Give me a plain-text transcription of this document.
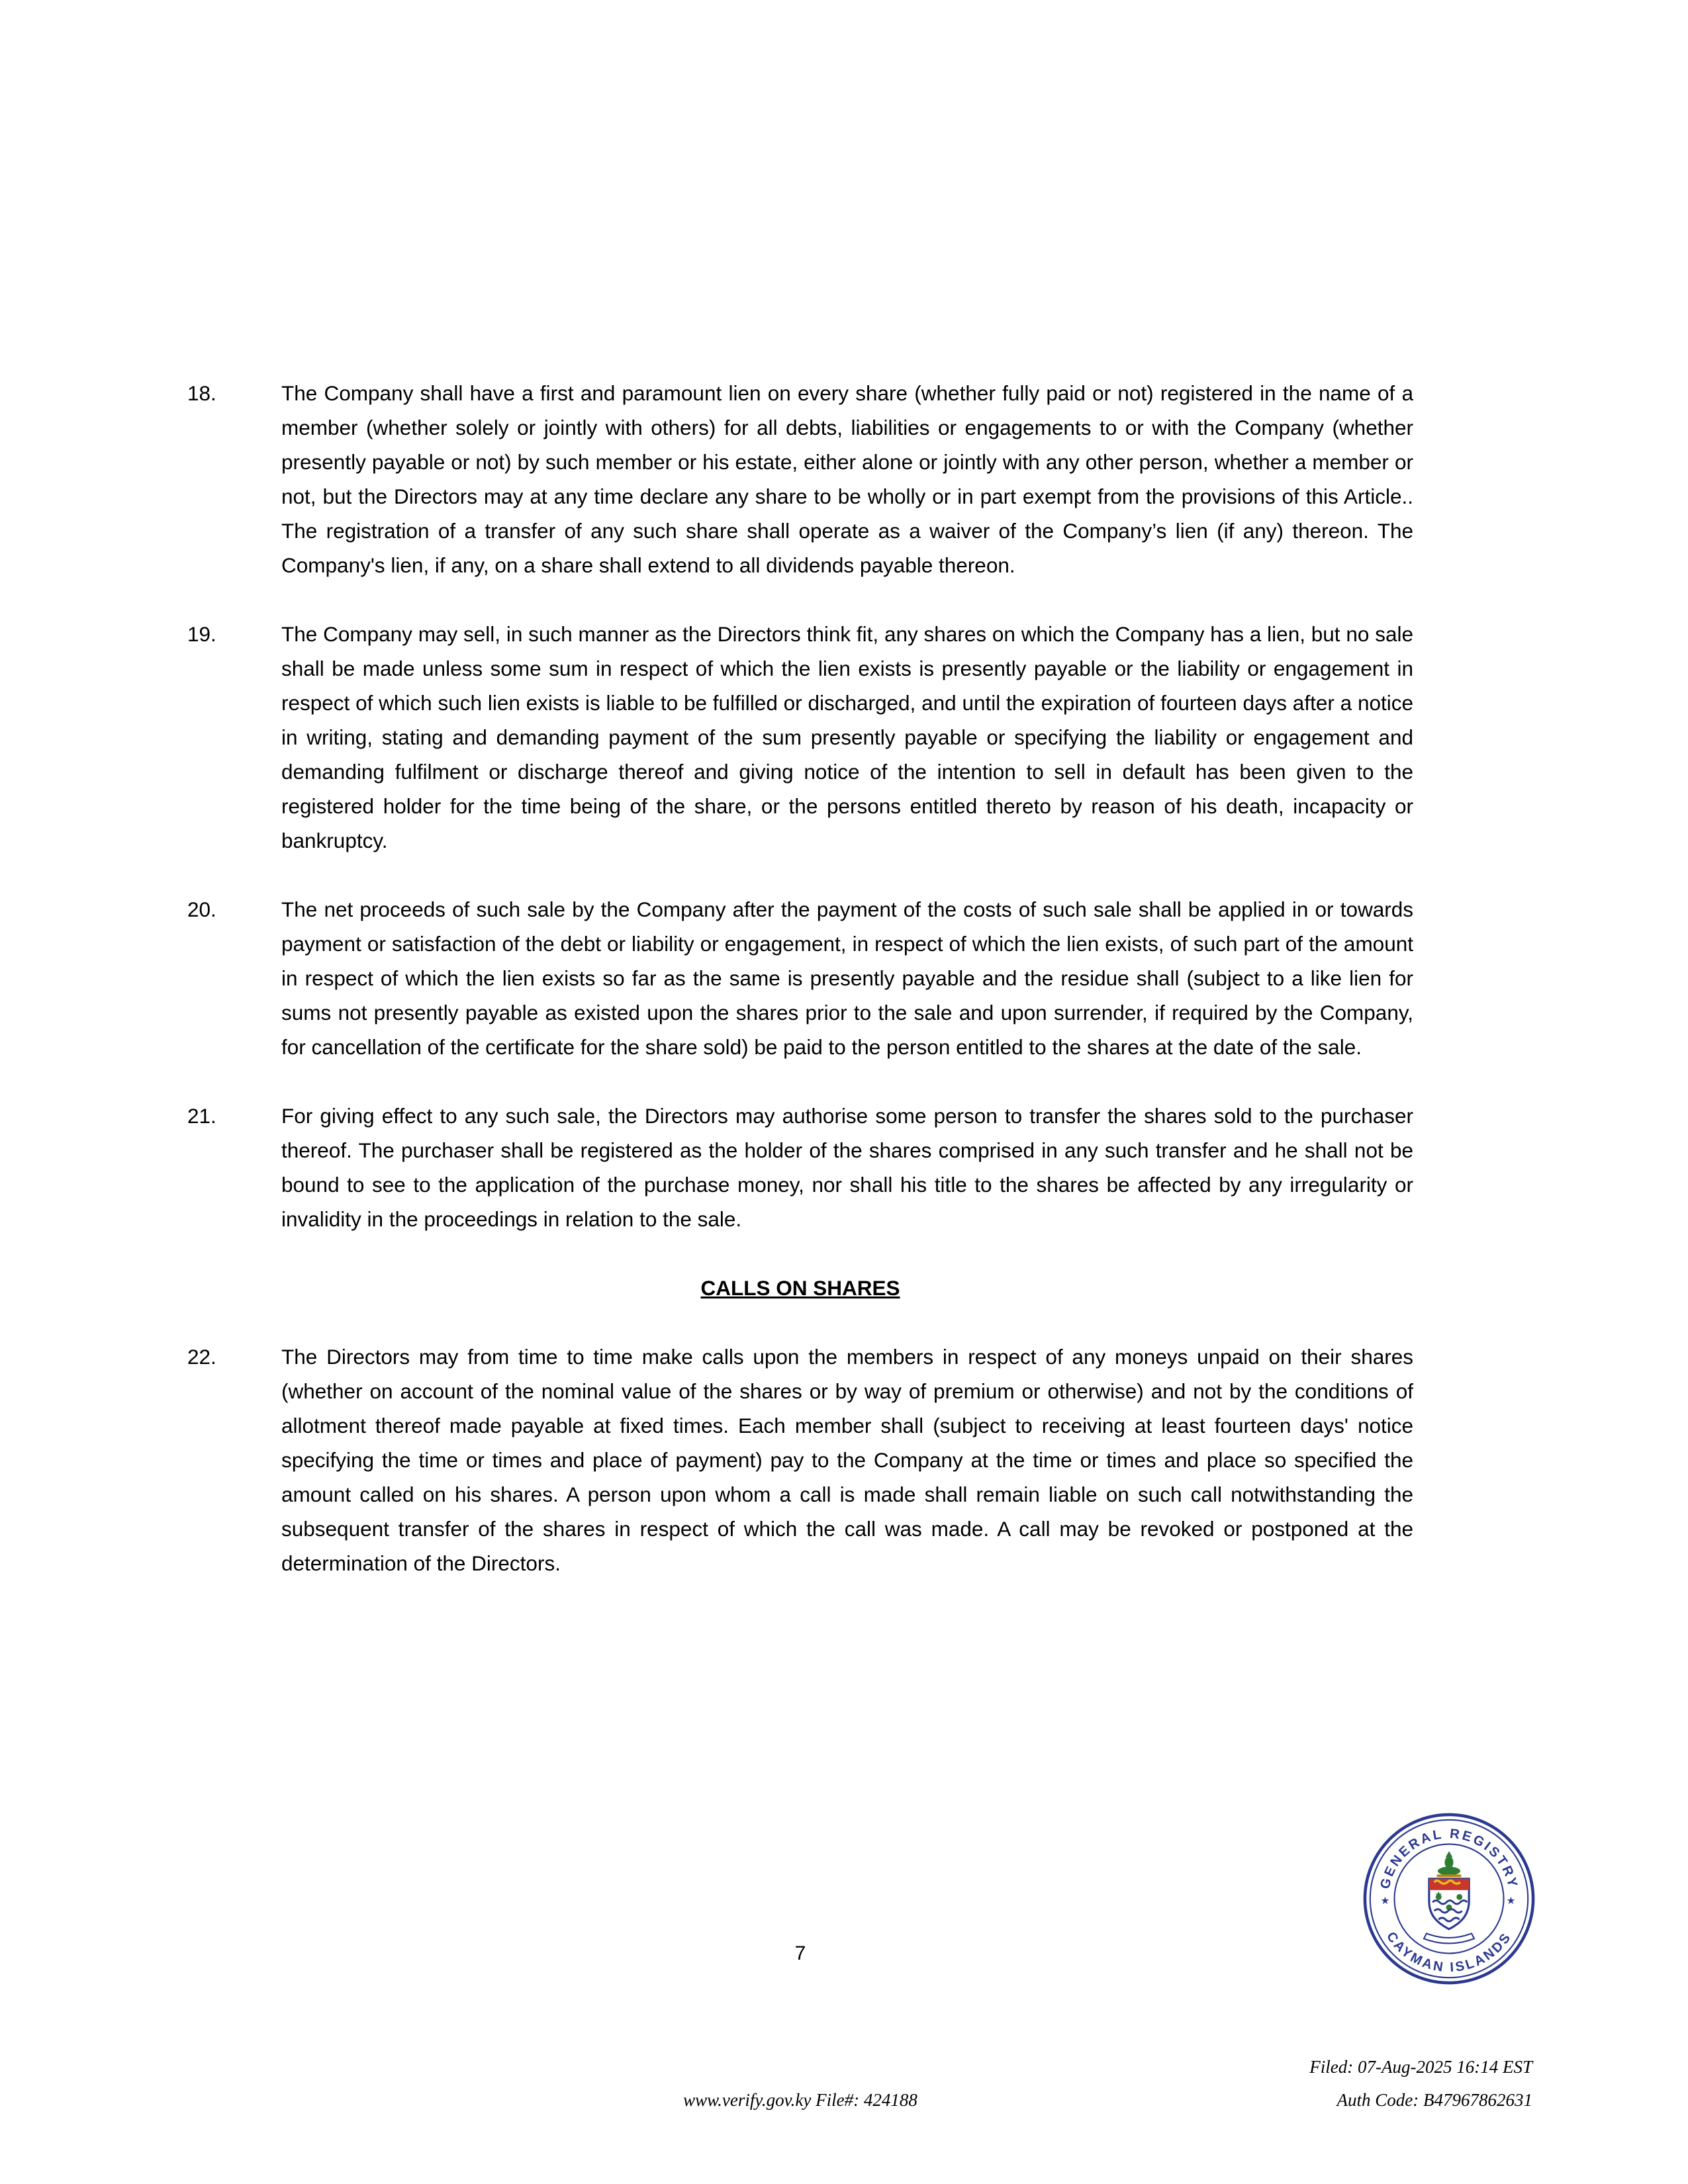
18.	The Company shall have a first and paramount lien on every share (whether fully paid or not) registered in the name of a member (whether solely or jointly with others) for all debts, liabilities or engagements to or with the Company (whether presently payable or not) by such member or his estate, either alone or jointly with any other person, whether a member or not, but the Directors may at any time declare any share to be wholly or in part exempt from the provisions of this Article.. The registration of a transfer of any such share shall operate as a waiver of the Company’s lien (if any) thereon. The Company's lien, if any, on a share shall extend to all dividends payable thereon.
19.	The Company may sell, in such manner as the Directors think fit, any shares on which the Company has a lien, but no sale shall be made unless some sum in respect of which the lien exists is presently payable or the liability or engagement in respect of which such lien exists is liable to be fulfilled or discharged, and until the expiration of fourteen days after a notice in writing, stating and demanding payment of the sum presently payable or specifying the liability or engagement and demanding fulfilment or discharge thereof and giving notice of the intention to sell in default has been given to the registered holder for the time being of the share, or the persons entitled thereto by reason of his death, incapacity or bankruptcy.
20.	The net proceeds of such sale by the Company after the payment of the costs of such sale shall be applied in or towards payment or satisfaction of the debt or liability or engagement, in respect of which the lien exists, of such part of the amount in respect of which the lien exists so far as the same is presently payable and the residue shall (subject to a like lien for sums not presently payable as existed upon the shares prior to the sale and upon surrender, if required by the Company, for cancellation of the certificate for the share sold) be paid to the person entitled to the shares at the date of the sale.
21.	For giving effect to any such sale, the Directors may authorise some person to transfer the shares sold to the purchaser thereof. The purchaser shall be registered as the holder of the shares comprised in any such transfer and he shall not be bound to see to the application of the purchase money, nor shall his title to the shares be affected by any irregularity or invalidity in the proceedings in relation to the sale.
CALLS ON SHARES
22.	The Directors may from time to time make calls upon the members in respect of any moneys unpaid on their shares (whether on account of the nominal value of the shares or by way of premium or otherwise) and not by the conditions of allotment thereof made payable at fixed times. Each member shall (subject to receiving at least fourteen days' notice specifying the time or times and place of payment) pay to the Company at the time or times and place so specified the amount called on his shares. A person upon whom a call is made shall remain liable on such call notwithstanding the subsequent transfer of the shares in respect of which the call was made. A call may be revoked or postponed at the determination of the Directors.
7
GENERAL REGISTRY
CAYMAN ISLANDS
★	★
Filed: 07-Aug-2025 16:14 EST
Auth Code: B47967862631
www.verify.gov.ky File#: 424188
